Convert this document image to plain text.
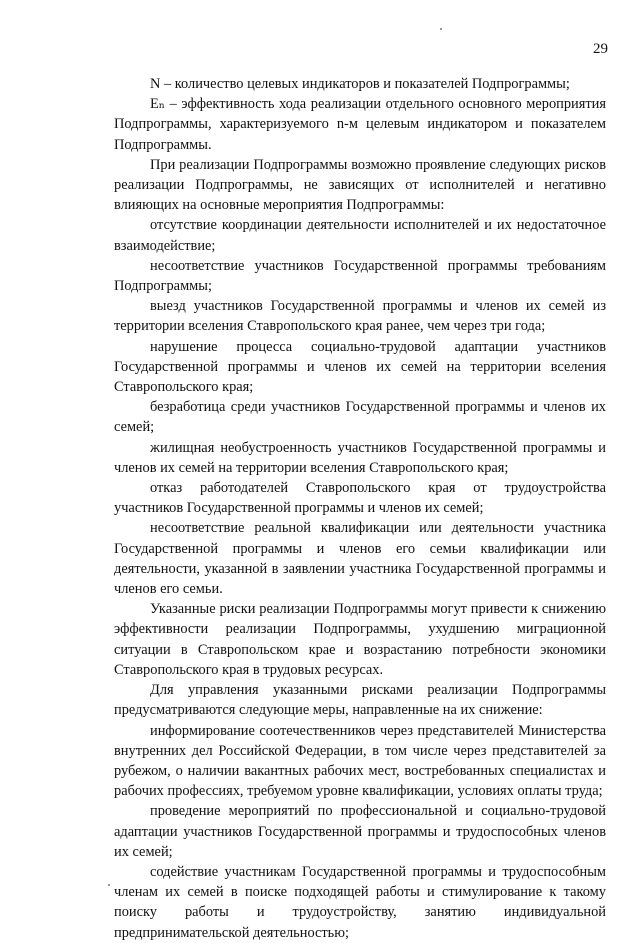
29

N – количество целевых индикаторов и показателей Подпрограммы;

Eₙ – эффективность хода реализации отдельного основного мероприятия Подпрограммы, характеризуемого n-м целевым индикатором и показателем Подпрограммы.

При реализации Подпрограммы возможно проявление следующих рисков реализации Подпрограммы, не зависящих от исполнителей и негативно влияющих на основные мероприятия Подпрограммы:

отсутствие координации деятельности исполнителей и их недостаточное взаимодействие;

несоответствие участников Государственной программы требованиям Подпрограммы;

выезд участников Государственной программы и членов их семей из территории вселения Ставропольского края ранее, чем через три года;

нарушение процесса социально-трудовой адаптации участников Государственной программы и членов их семей на территории вселения Ставропольского края;

безработица среди участников Государственной программы и членов их семей;

жилищная необустроенность участников Государственной программы и членов их семей на территории вселения Ставропольского края;

отказ работодателей Ставропольского края от трудоустройства участников Государственной программы и членов их семей;

несоответствие реальной квалификации или деятельности участника Государственной программы и членов его семьи квалификации или деятельности, указанной в заявлении участника Государственной программы и членов его семьи.

Указанные риски реализации Подпрограммы могут привести к снижению эффективности реализации Подпрограммы, ухудшению миграционной ситуации в Ставропольском крае и возрастанию потребности экономики Ставропольского края в трудовых ресурсах.

Для управления указанными рисками реализации Подпрограммы предусматриваются следующие меры, направленные на их снижение:

информирование соотечественников через представителей Министерства внутренних дел Российской Федерации, в том числе через представителей за рубежом, о наличии вакантных рабочих мест, востребованных специалистах и рабочих профессиях, требуемом уровне квалификации, условиях оплаты труда;

проведение мероприятий по профессиональной и социально-трудовой адаптации участников Государственной программы и трудоспособных членов их семей;

содействие участникам Государственной программы и трудоспособным членам их семей в поиске подходящей работы и стимулирование к такому поиску работы и трудоустройству, занятию индивидуальной предпринимательской деятельностью;
